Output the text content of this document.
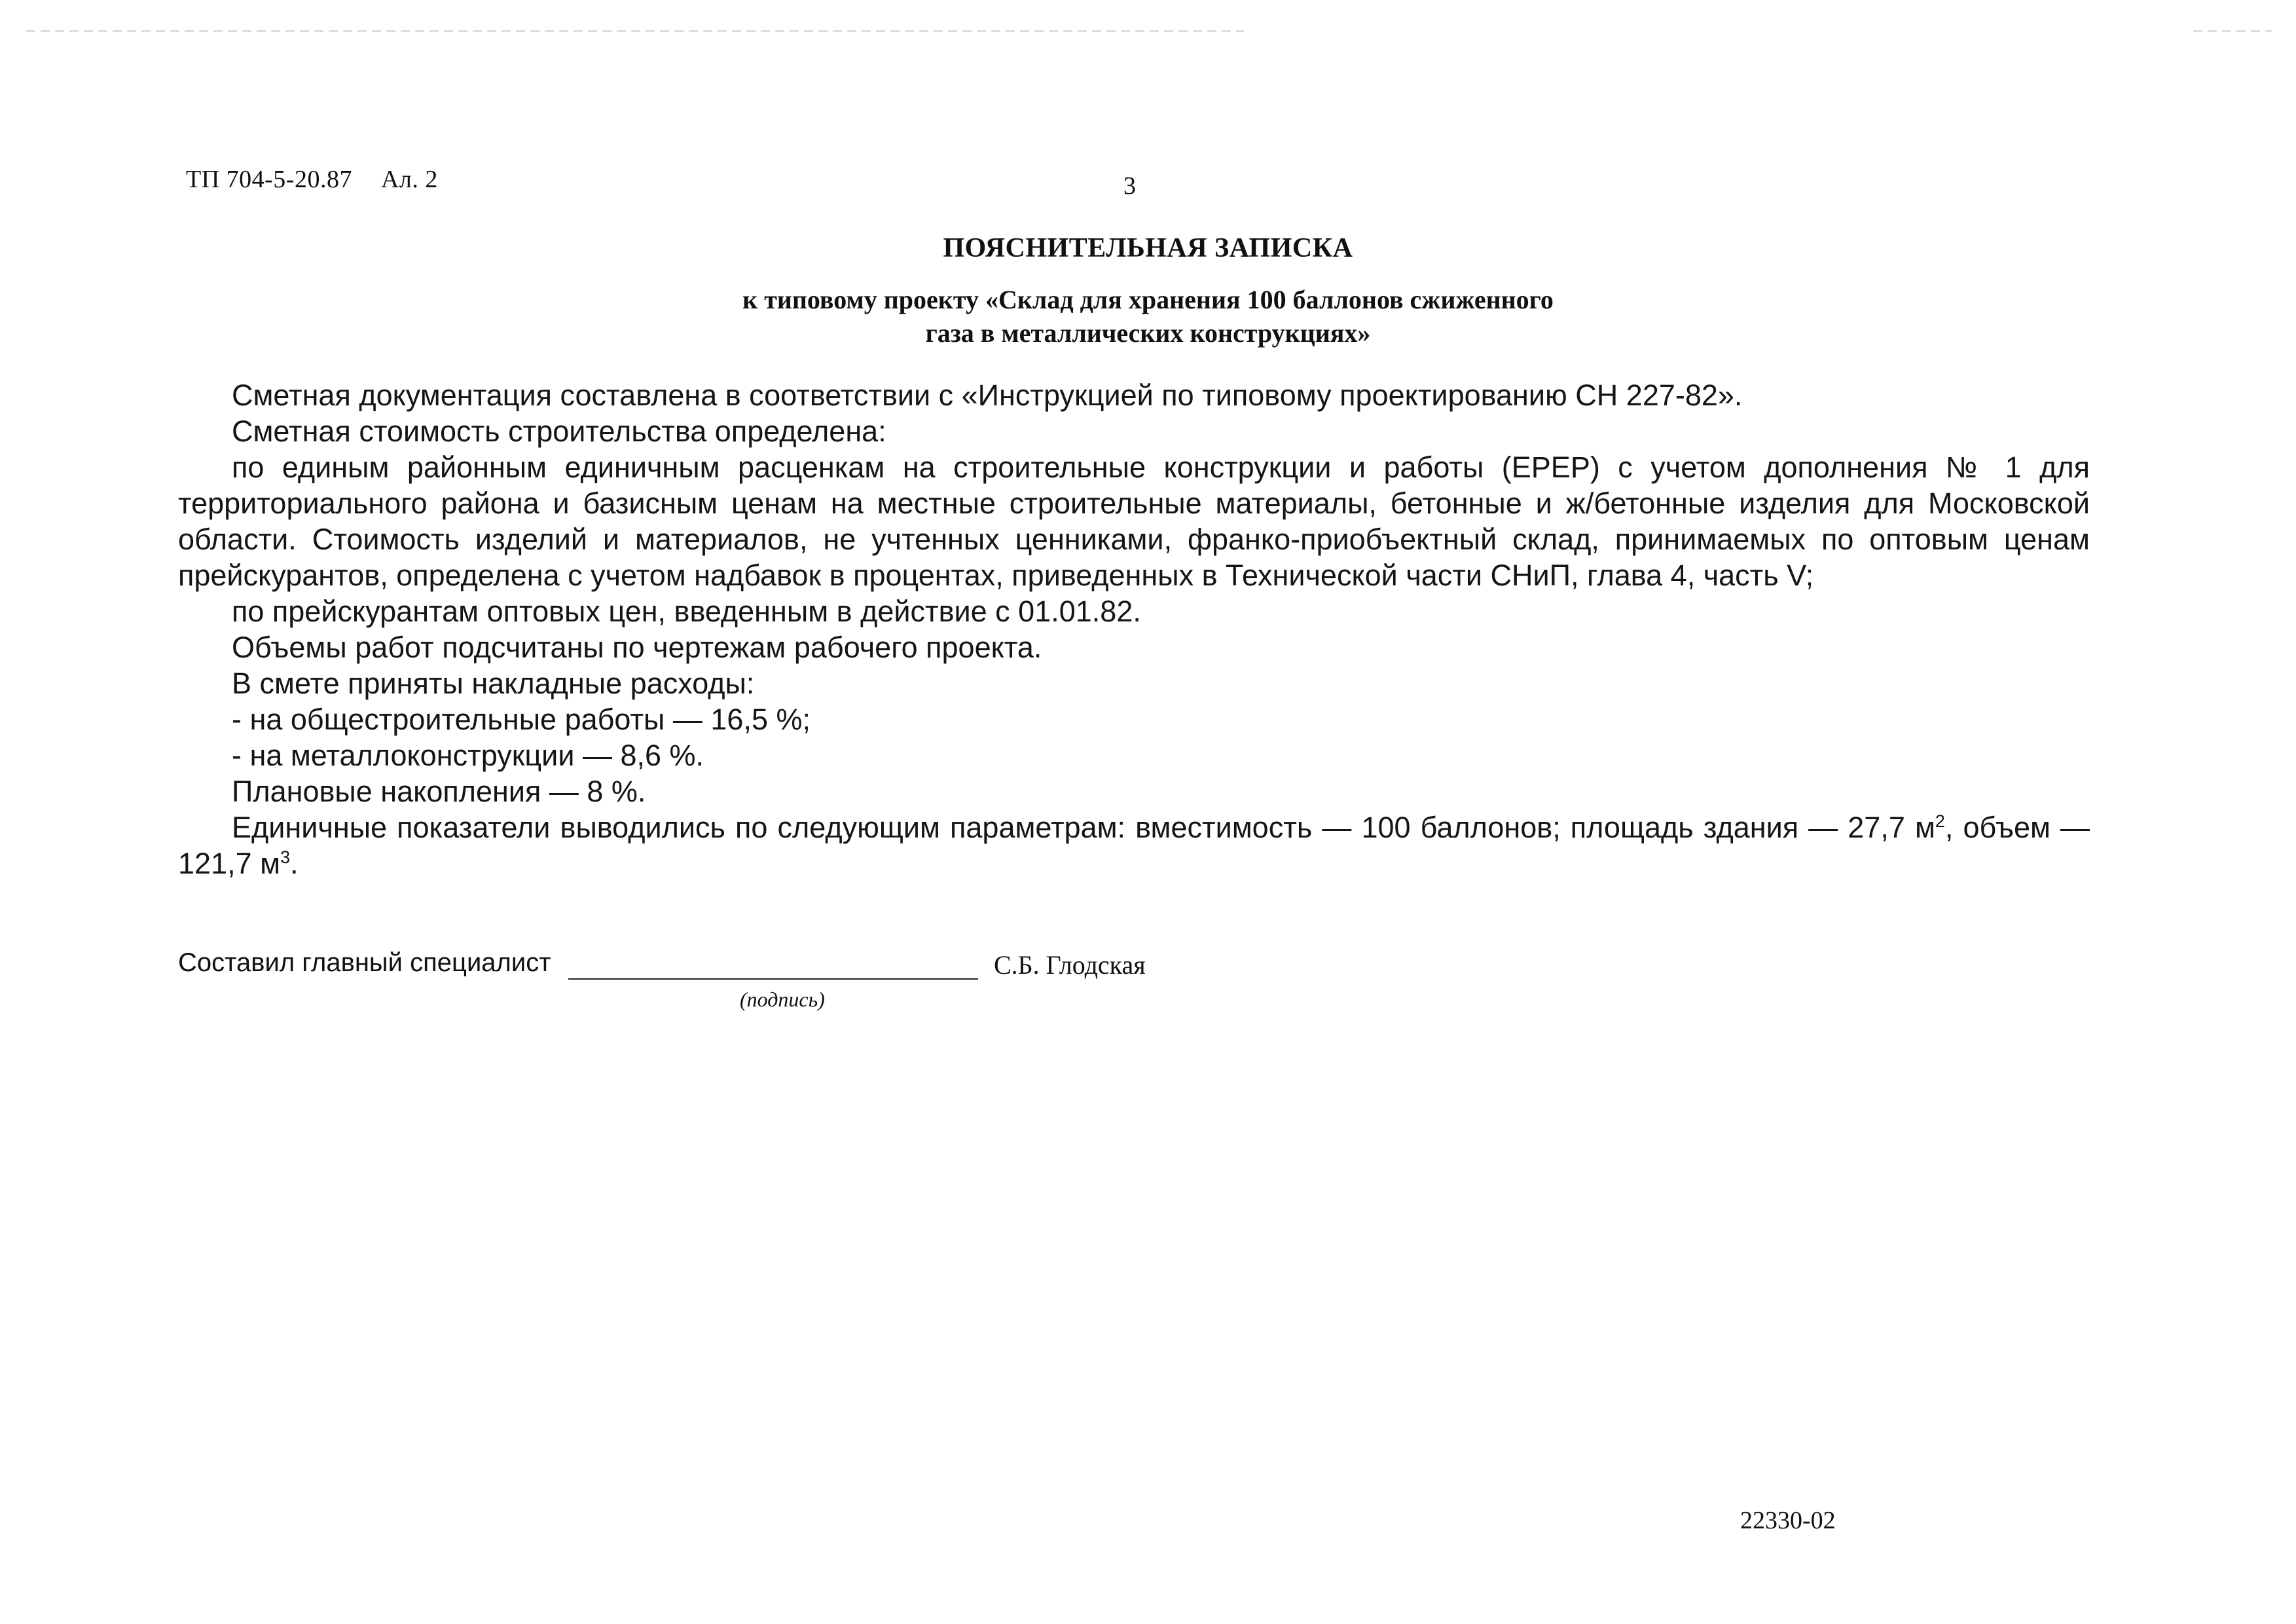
ТП 704-5-20.87 Ал. 2	3
ПОЯСНИТЕЛЬНАЯ ЗАПИСКА
к типовому проекту «Склад для хранения 100 баллонов сжиженного
газа в металлических конструкциях»
Сметная документация составлена в соответствии с «Инструкцией по типовому проектированию СН 227-82».
Сметная стоимость строительства определена:

по единым районным единичным расценкам на строительные конструкции и работы (ЕРЕР) с учетом дополнения № 1 для территориального района и базисным ценам на местные строительные материалы, бетонные и ж/бетонные изделия для Московской области. Стоимость изделий и материалов, не учтенных ценниками, франко-приобъектный склад, принимаемых по оптовым ценам прейскурантов, определена с учетом надбавок в процентах, приведенных в Технической части СНиП, глава 4, часть V;

по прейскурантам оптовых цен, введенным в действие с 01.01.82.
Объемы работ подсчитаны по чертежам рабочего проекта.
В смете приняты накладные расходы:
- на общестроительные работы — 16,5 %;
- на металлоконструкции — 8,6 %.
Плановые накопления — 8 %.

Единичные показатели выводились по следующим параметрам: вместимость — 100 баллонов; площадь здания — 27,7 $м^2$, объем — 121,7 $м^3$.

Составил главный специалист	С.Б. Глодская
(подпись)
22330-02
